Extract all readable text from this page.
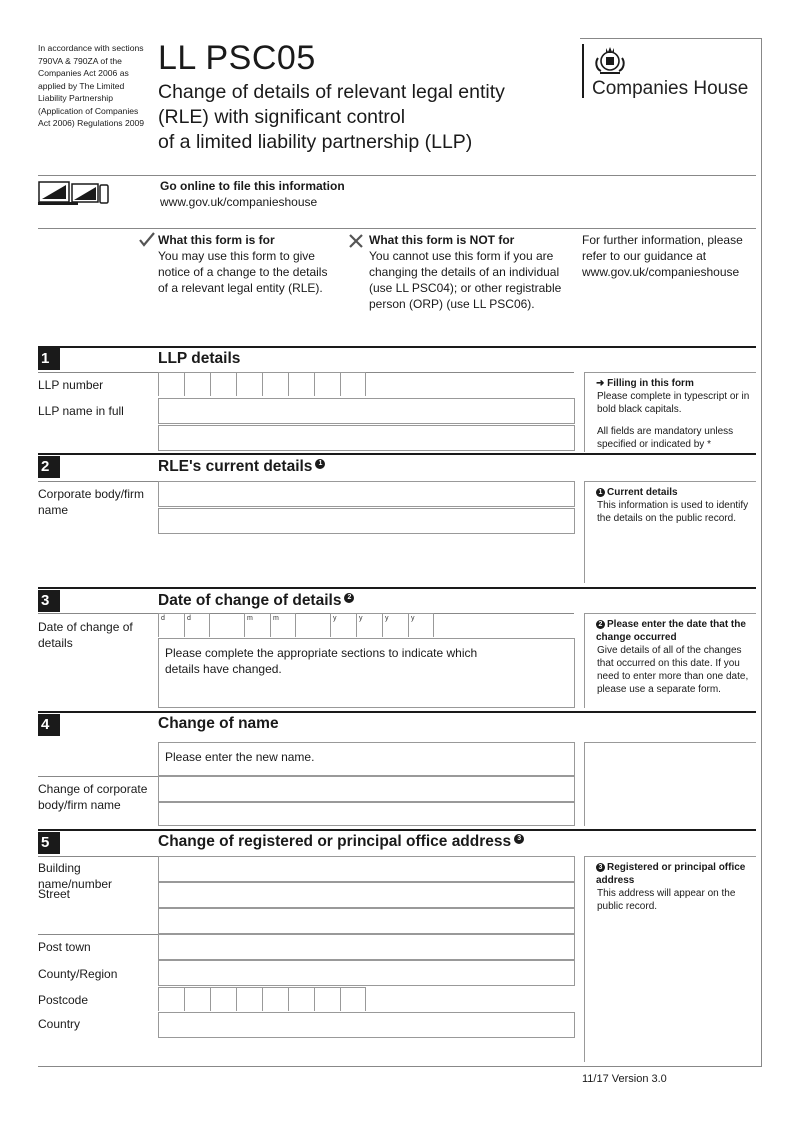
In accordance with sections 790VA & 790ZA of the Companies Act 2006 as applied by The Limited Liability Partnership (Application of Companies Act 2006) Regulations 2009
LL PSC05
Change of details of relevant legal entity
(RLE) with significant control
of a limited liability partnership (LLP)
Companies House
Go online to file this information
www.gov.uk/companieshouse
What this form is for
You may use this form to give notice of a change to the details of a relevant legal entity (RLE).
What this form is NOT for
You cannot use this form if you are changing the details of an individual (use LL PSC04); or other registrable person (ORP) (use LL PSC06).
For further information, please refer to our guidance at www.gov.uk/companieshouse
1	LLP details
LLP number
LLP name in full
➜ Filling in this form
Please complete in typescript or in bold black capitals.
All fields are mandatory unless specified or indicated by *
2	RLE's current details 1
Corporate body/firm name
1 Current details
This information is used to identify the details on the public record.
3	Date of change of details 2
Date of change of details
d	d	m	m	y	y	y	y
Please complete the appropriate sections to indicate which details have changed.
2 Please enter the date that the change occurred
Give details of all of the changes that occurred on this date. If you need to enter more than one date, please use a separate form.
4	Change of name
Please enter the new name.
Change of corporate body/firm name
5	Change of registered or principal office address 3
Building name/number
Street
Post town
County/Region
Postcode
Country
3 Registered or principal office address
This address will appear on the public record.
11/17 Version 3.0
